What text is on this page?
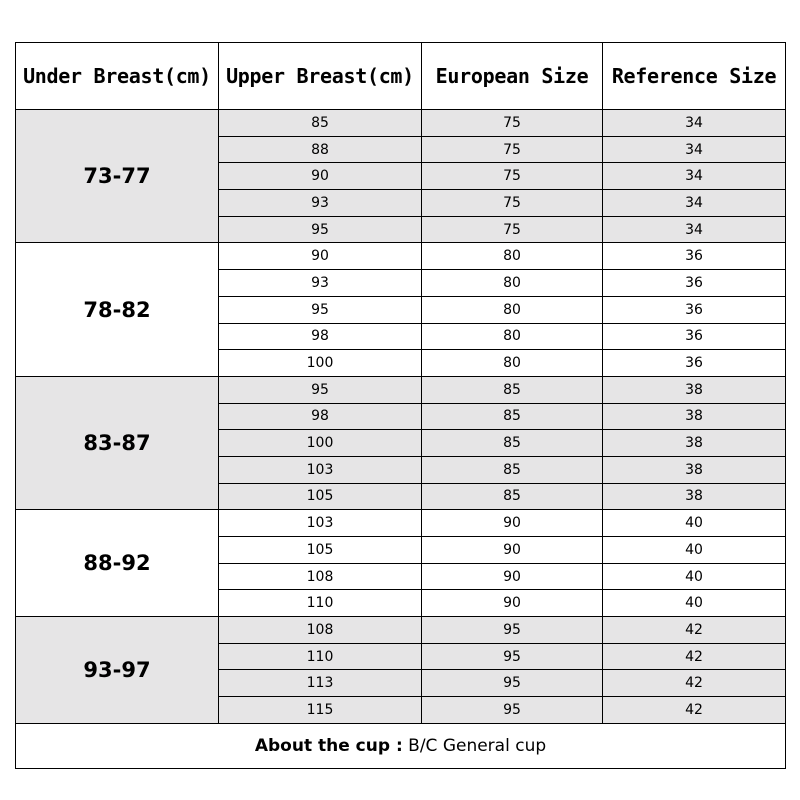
Under Breast(cm)	Upper Breast(cm)	European Size	Reference Size
73-77	85	75	34
	88	75	34
	90	75	34
	93	75	34
	95	75	34
78-82	90	80	36
	93	80	36
	95	80	36
	98	80	36
	100	80	36
83-87	95	85	38
	98	85	38
	100	85	38
	103	85	38
	105	85	38
88-92	103	90	40
	105	90	40
	108	90	40
	110	90	40
93-97	108	95	42
	110	95	42
	113	95	42
	115	95	42
About the cup : B/C General cup			
